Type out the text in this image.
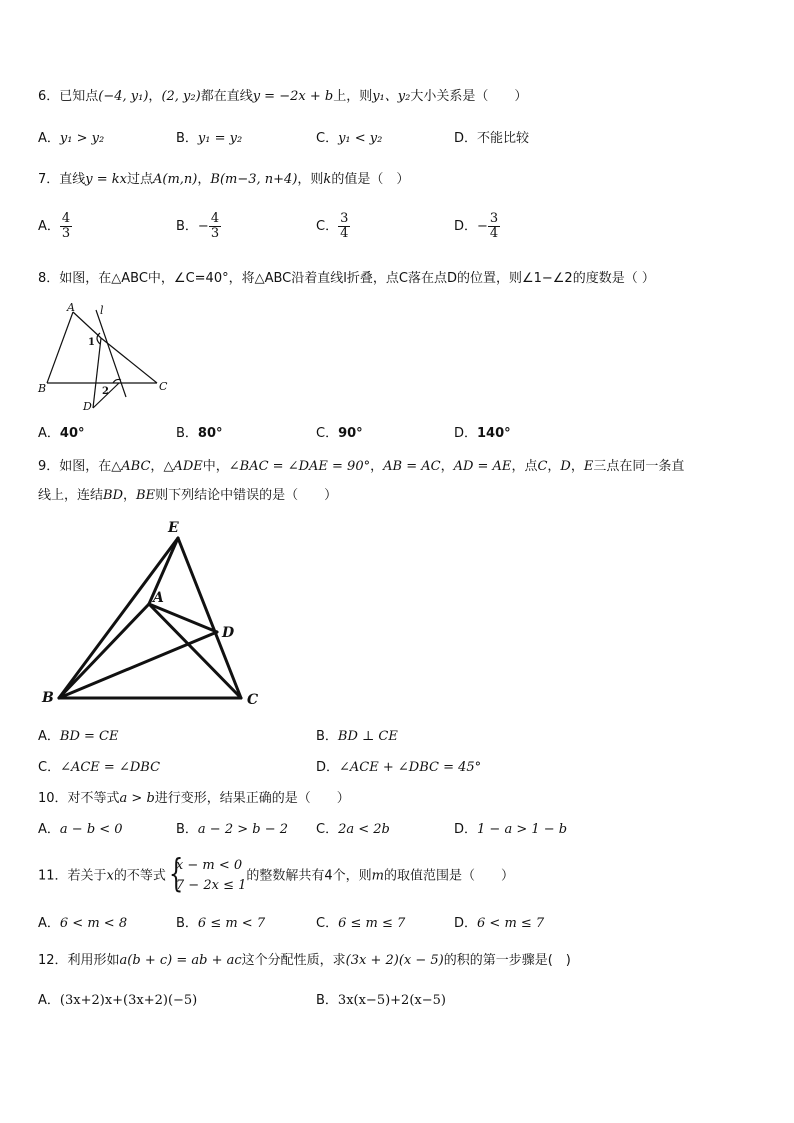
6．已知点(−4, y₁)，(2, y₂)都在直线y = −2x + b上，则y₁、y₂大小关系是（　　）
A．y₁ > y₂	B．y₁ = y₂	C．y₁ < y₂	D．不能比较
7．直线y = kx过点A(m,n)，B(m−3, n+4)，则k的值是（　）
A． $\frac{4}{3}$	B．− $\frac{4}{3}$	C． $\frac{3}{4}$	D．− $\frac{3}{4}$
8．如图，在△ABC中，∠C=40°，将△ABC沿着直线l折叠，点C落在点D的位置，则∠1−∠2的度数是（ ）
A
B	C
D
l
1
2
A．40°	B．80°	C．90°	D．140°
9．如图，在△ABC，△ADE中，∠BAC = ∠DAE = 90°，AB = AC，AD = AE，点C，D，E三点在同一条直
线上，连结BD，BE则下列结论中错误的是（　　）
E
A
D
B	C
A．BD = CE	B．BD ⊥ CE
C．∠ACE = ∠DBC	D．∠ACE + ∠DBC = 45°
10．对不等式a > b进行变形，结果正确的是（　　）
A．a − b < 0	B．a − 2 > b − 2 C．2a < 2b	D．1 − a > 1 − b
11．若关于x的不等式
{ x − m < 0
7 − 2x ≤ 1
的整数解共有4个，则m的取值范围是（　　）
A．6 < m < 8	B．6 ≤ m < 7	C．6 ≤ m ≤ 7	D．6 < m ≤ 7
12．利用形如a(b + c) = ab + ac这个分配性质，求(3x + 2)(x − 5)的积的第一步骤是(　)
A．(3x+2)x+(3x+2)(−5)	B．3x(x−5)+2(x−5)
